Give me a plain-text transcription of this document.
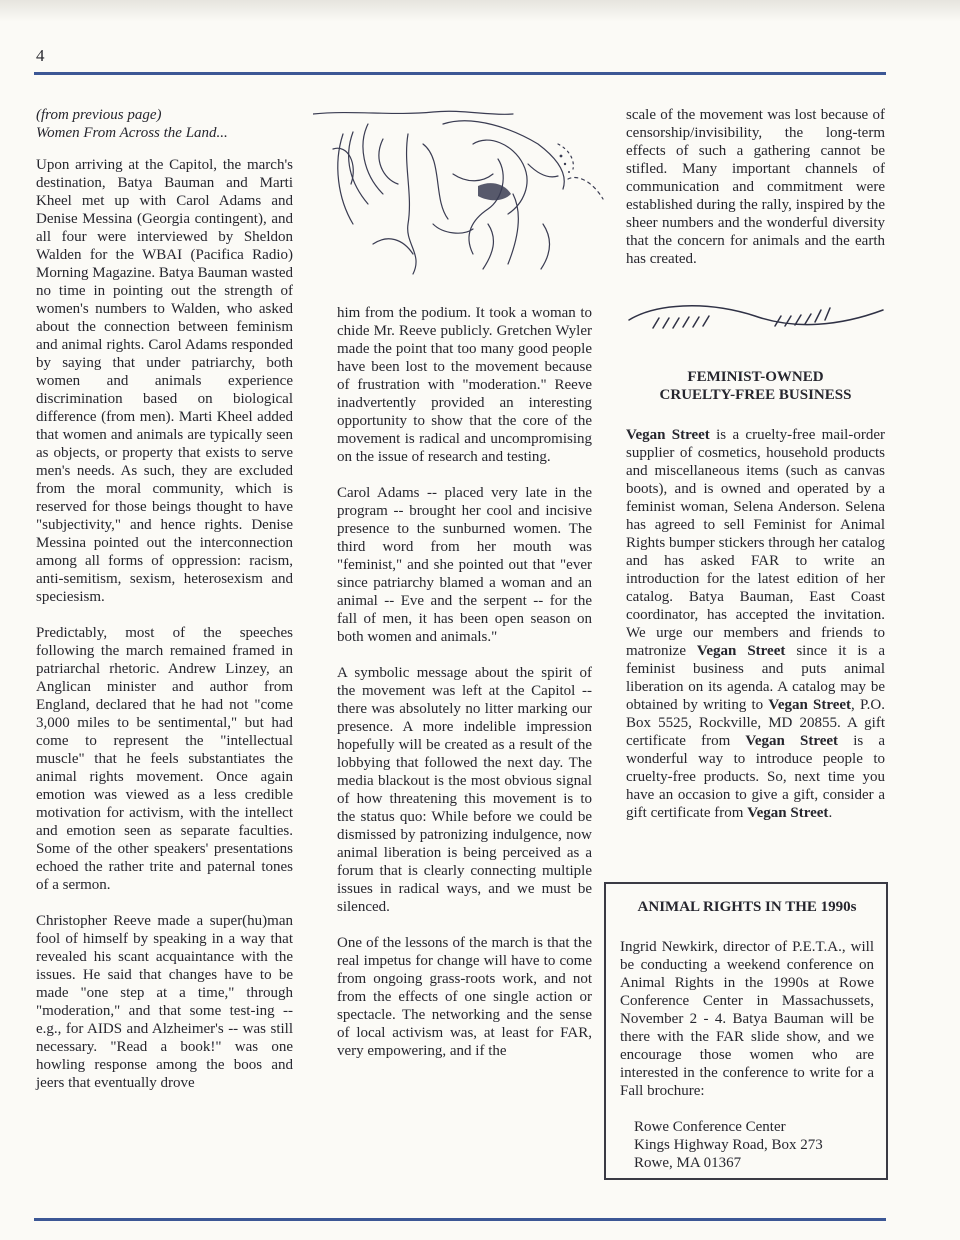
4
(from previous page)
Women From Across the Land...

Upon arriving at the Capitol, the march's destination, Batya Bauman and Marti Kheel met up with Carol Adams and Denise Messina (Georgia contingent), and all four were interviewed by Sheldon Walden for the WBAI (Pacifica Radio) Morning Magazine. Batya Bauman wasted no time in pointing out the strength of women's numbers to Walden, who asked about the connection between feminism and animal rights. Carol Adams responded by saying that under patriarchy, both women and animals experience discrimination based on biological difference (from men). Marti Kheel added that women and animals are typically seen as objects, or property that exists to serve men's needs. As such, they are excluded from the moral community, which is reserved for those beings thought to have "subjectivity," and hence rights. Denise Messina pointed out the interconnection among all forms of oppression: racism, anti-semitism, sexism, heterosexism and speciesism.

Predictably, most of the speeches following the march remained framed in patriarchal rhetoric. Andrew Linzey, an Anglican minister and author from England, declared that he had not "come 3,000 miles to be sentimental," but had come to represent the "intellectual muscle" that he feels substantiates the animal rights movement. Once again emotion was viewed as a less credible motivation for activism, with the intellect and emotion seen as separate faculties. Some of the other speakers' presentations echoed the rather trite and paternal tones of a sermon.

Christopher Reeve made a super(hu)man fool of himself by speaking in a way that revealed his scant acquaintance with the issues. He said that changes have to be made "one step at a time," through "moderation," and that some test-ing -- e.g., for AIDS and Alzheimer's -- was still necessary. "Read a book!" was one howling response among the boos and jeers that eventually drove

him from the podium. It took a woman to chide Mr. Reeve publicly. Gretchen Wyler made the point that too many good people have been lost to the movement because of frustration with "moderation." Reeve inadvertently provided an interesting opportunity to show that the core of the movement is radical and uncompromising on the issue of research and testing.

Carol Adams -- placed very late in the program -- brought her cool and incisive presence to the sunburned women. The third word from her mouth was "feminist," and she pointed out that "ever since patriarchy blamed a woman and an animal -- Eve and the serpent -- for the fall of men, it has been open season on both women and animals."

A symbolic message about the spirit of the movement was left at the Capitol -- there was absolutely no litter marking our presence. A more indelible impression hopefully will be created as a result of the lobbying that followed the next day. The media blackout is the most obvious signal of how threatening this movement is to the status quo: While before we could be dismissed by patronizing indulgence, now animal liberation is being perceived as a forum that is clearly connecting multiple issues in radical ways, and we must be silenced.

One of the lessons of the march is that the real impetus for change will have to come from ongoing grass-roots work, and not from the effects of one single action or spectacle. The networking and the sense of local activism was, at least for FAR, very empowering, and if the

scale of the movement was lost because of censorship/invisibility, the long-term effects of such a gathering cannot be stifled. Many important channels of communication and commitment were established during the rally, inspired by the sheer numbers and the wonderful diversity that the concern for animals and the earth has created.

FEMINIST-OWNED
CRUELTY-FREE BUSINESS

Vegan Street is a cruelty-free mail-order supplier of cosmetics, household products and miscellaneous items (such as canvas boots), and is owned and operated by a feminist woman, Selena Anderson. Selena has agreed to sell Feminist for Animal Rights bumper stickers through her catalog and has asked FAR to write an introduction for the latest edition of her catalog. Batya Bauman, East Coast coordinator, has accepted the invitation. We urge our members and friends to matronize Vegan Street since it is a feminist business and puts animal liberation on its agenda. A catalog may be obtained by writing to Vegan Street, P.O. Box 5525, Rockville, MD 20855. A gift certificate from Vegan Street is a wonderful way to introduce people to cruelty-free products. So, next time you have an occasion to give a gift, consider a gift certificate from Vegan Street.

ANIMAL RIGHTS IN THE 1990s

Ingrid Newkirk, director of P.E.T.A., will be conducting a weekend conference on Animal Rights in the 1990s at Rowe Conference Center in Massachussets, November 2 - 4. Batya Bauman will be there with the FAR slide show, and we encourage those women who are interested in the conference to write for a Fall brochure:

Rowe Conference Center
Kings Highway Road, Box 273
Rowe, MA 01367
